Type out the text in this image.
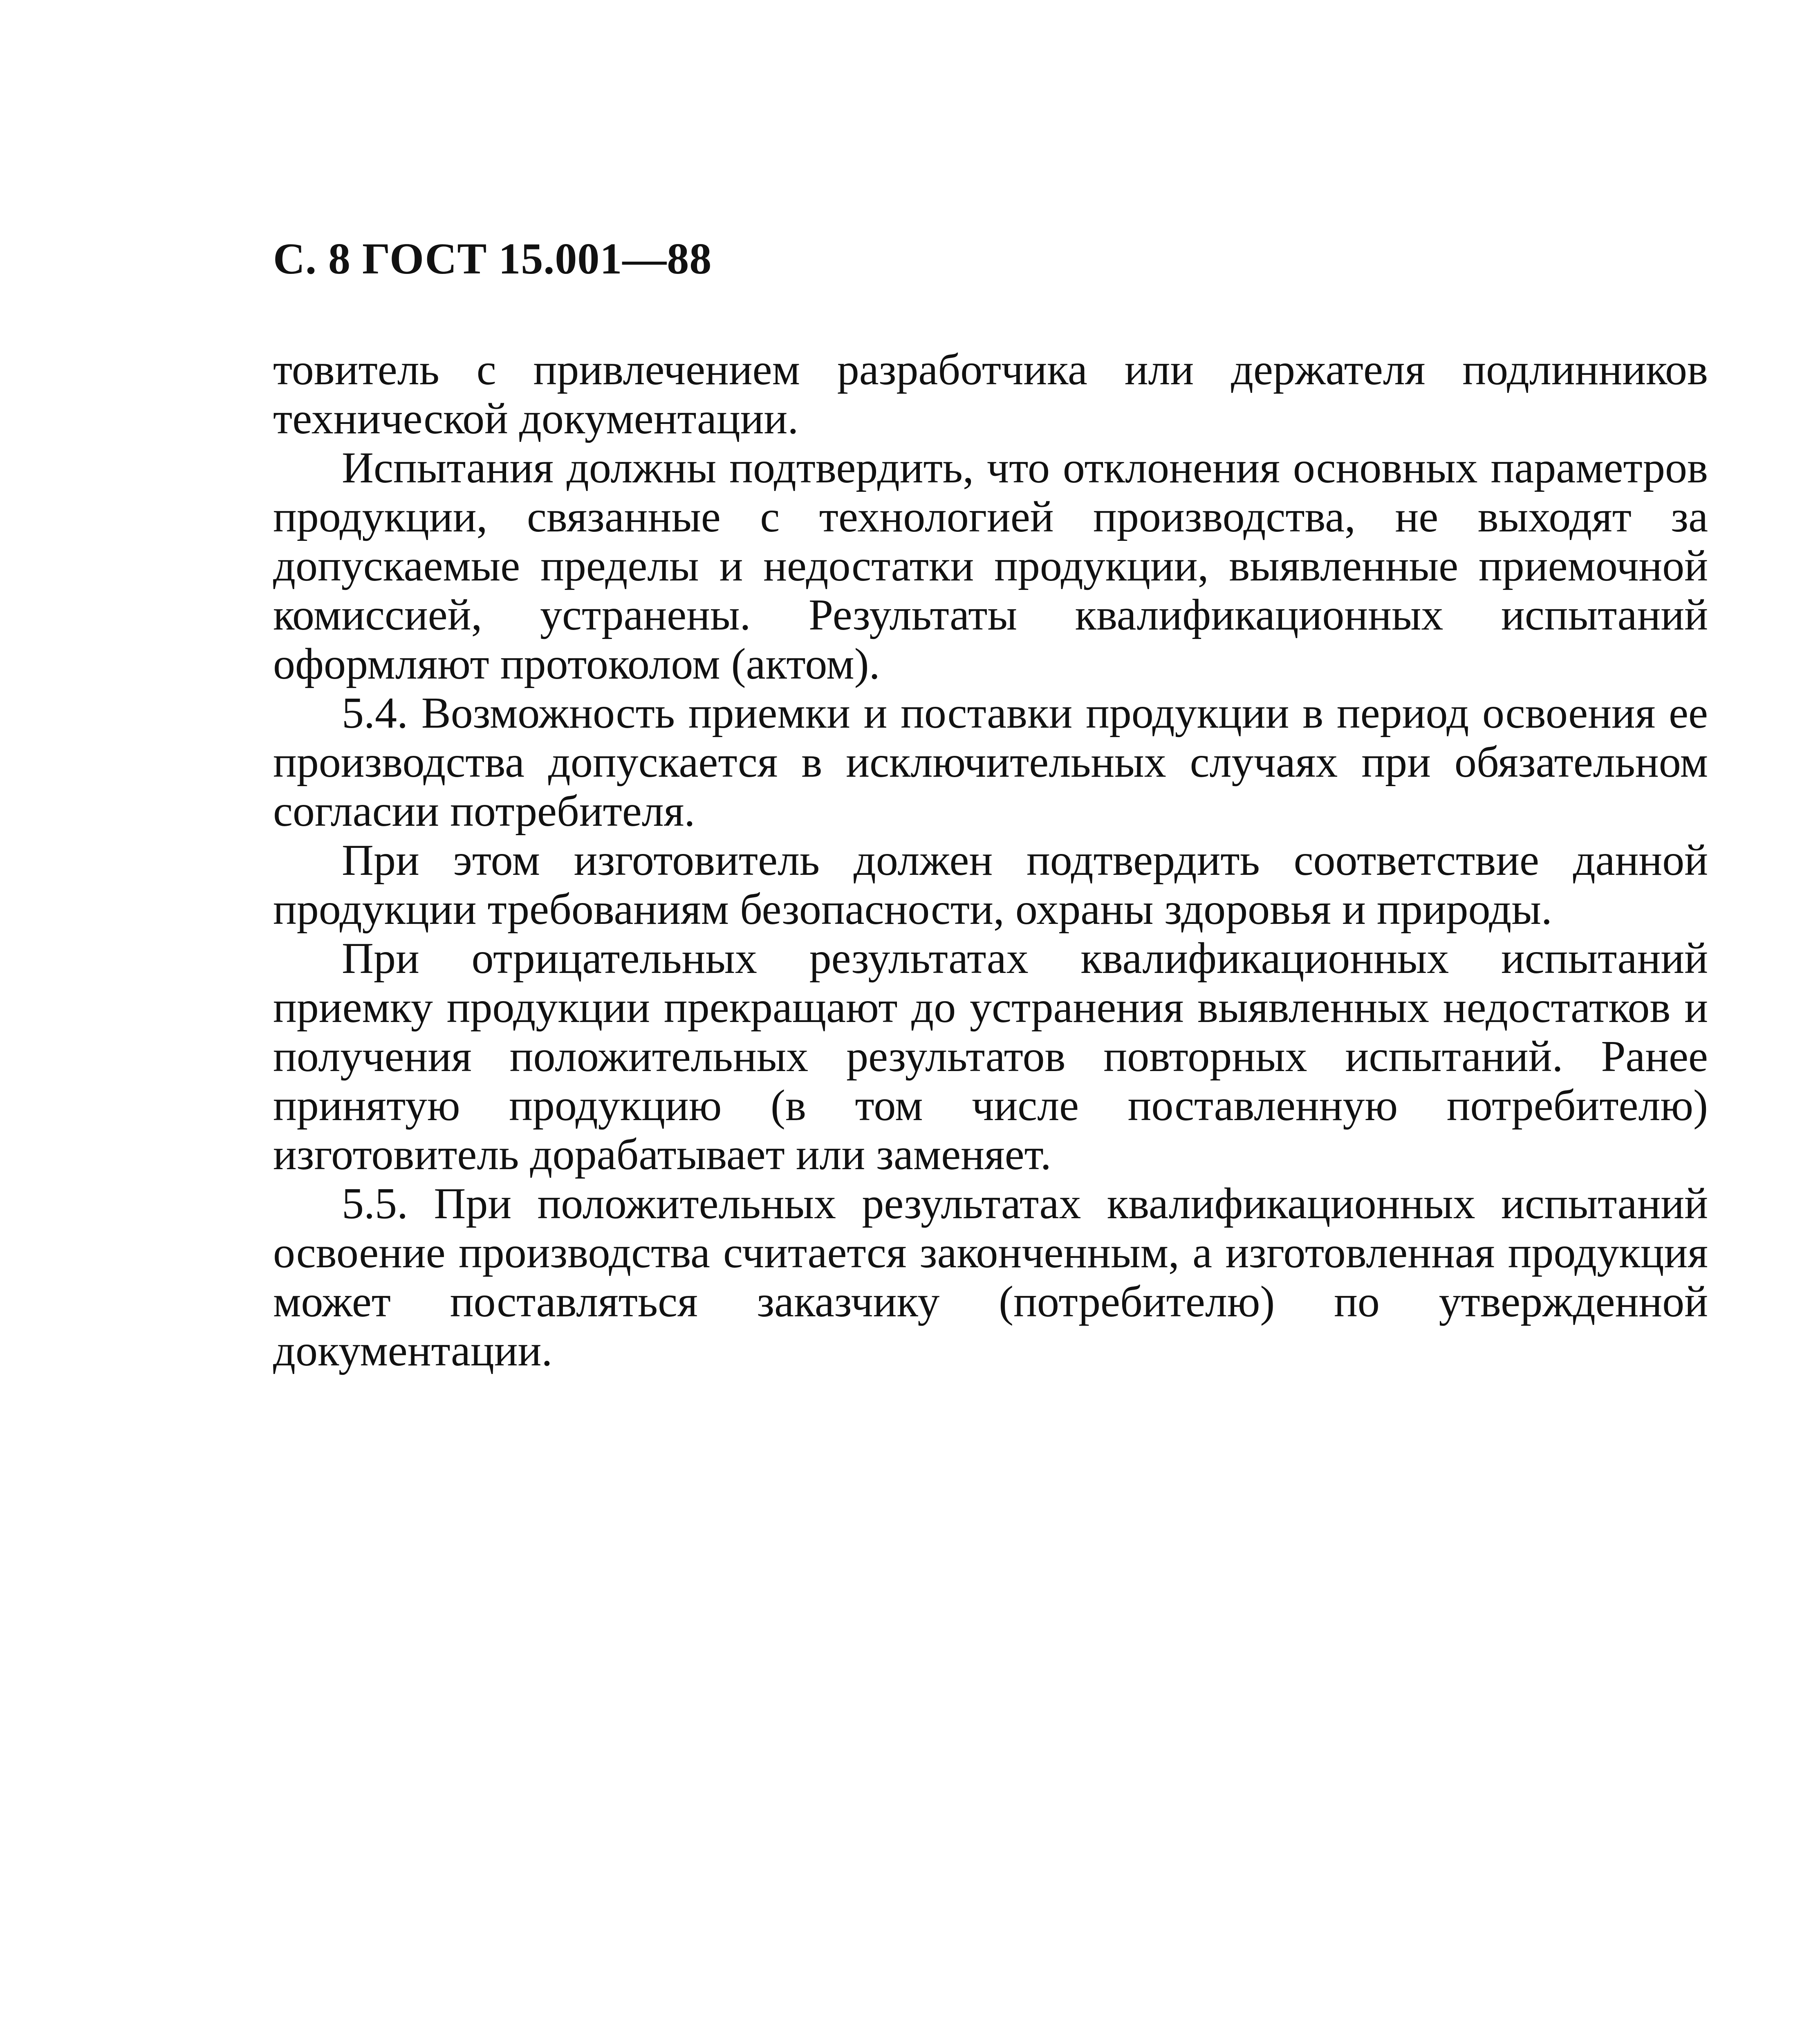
С. 8 ГОСТ 15.001—88

товитель с привлечением разработчика или держателя подлинников технической документации.

Испытания должны подтвердить, что отклонения основных параметров продукции, связанные с технологией производства, не выходят за допускаемые пределы и недостатки продукции, выявленные приемочной комиссией, устранены. Результаты квалификационных испытаний оформляют протоколом (актом).

5.4. Возможность приемки и поставки продукции в период освоения ее производства допускается в исключительных случаях при обязательном согласии потребителя.

При этом изготовитель должен подтвердить соответствие данной продукции требованиям безопасности, охраны здоровья и природы.

При отрицательных результатах квалификационных испытаний приемку продукции прекращают до устранения выявленных недостатков и получения положительных результатов повторных испытаний. Ранее принятую продукцию (в том числе поставленную потребителю) изготовитель дорабатывает или заменяет.

5.5. При положительных результатах квалификационных испытаний освоение производства считается законченным, а изготовленная продукция может поставляться заказчику (потребителю) по утвержденной документации.
